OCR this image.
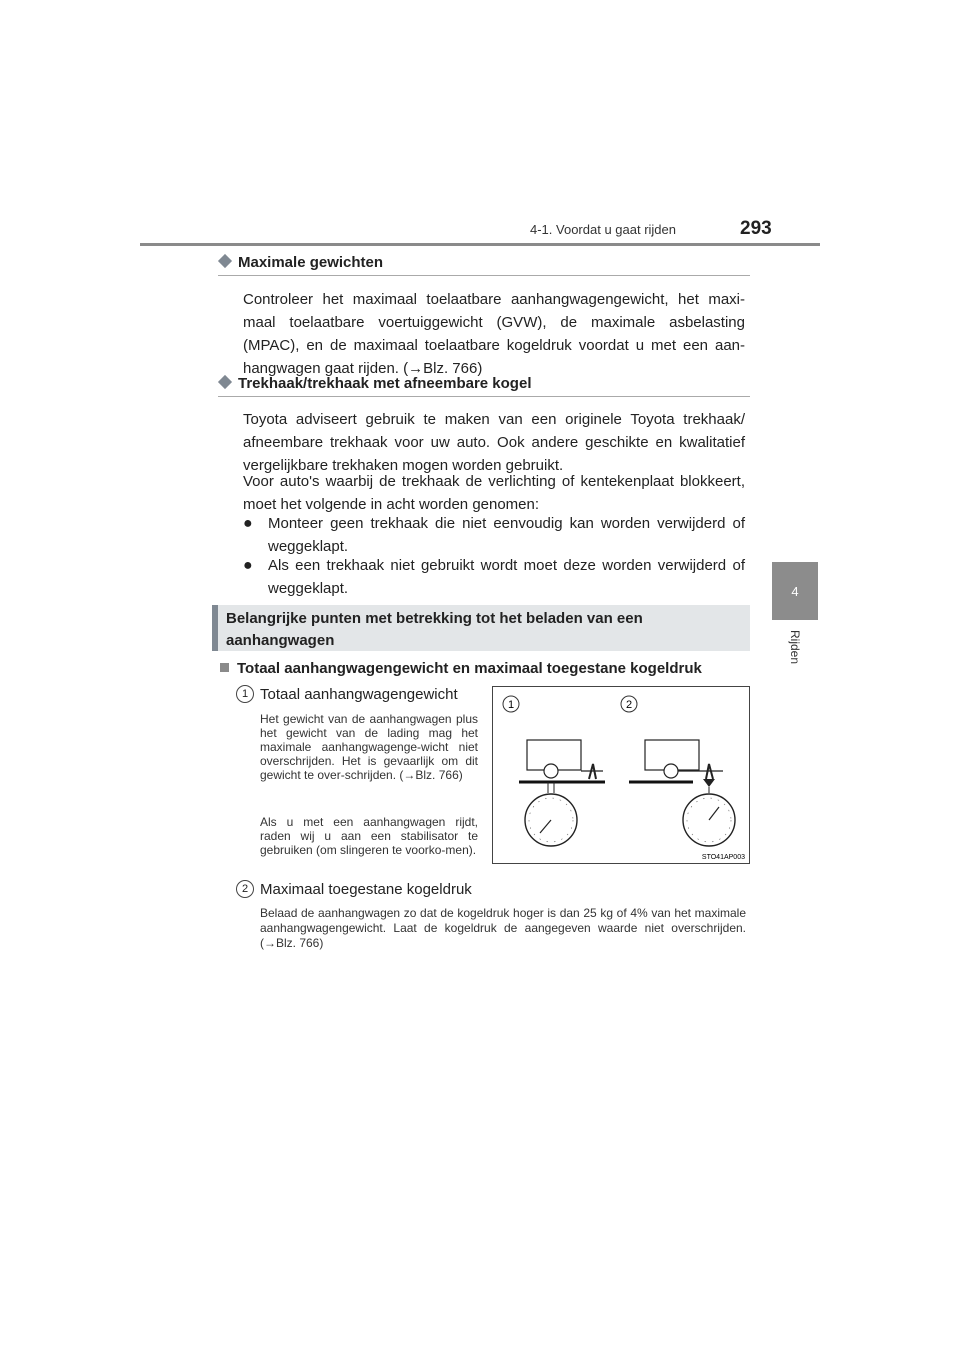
4-1. Voordat u gaat rijden	293
4
Rijden
Maximale gewichten
Controleer het maximaal toelaatbare aanhangwagengewicht, het maxi-maal toelaatbare voertuiggewicht (GVW), de maximale asbelasting (MPAC), en de maximaal toelaatbare kogeldruk voordat u met een aan-hangwagen gaat rijden. (→Blz. 766)
Trekhaak/trekhaak met afneembare kogel
Toyota adviseert gebruik te maken van een originele Toyota trekhaak/ afneembare trekhaak voor uw auto. Ook andere geschikte en kwalitatief vergelijkbare trekhaken mogen worden gebruikt.
Voor auto's waarbij de trekhaak de verlichting of kentekenplaat blokkeert, moet het volgende in acht worden genomen:
● Monteer geen trekhaak die niet eenvoudig kan worden verwijderd of weggeklapt.
● Als een trekhaak niet gebruikt wordt moet deze worden verwijderd of weggeklapt.
Belangrijke punten met betrekking tot het beladen van een aanhangwagen
Totaal aanhangwagengewicht en maximaal toegestane kogeldruk
1 Totaal aanhangwagengewicht
Het gewicht van de aanhangwagen plus het gewicht van de lading mag het maximale aanhangwagenge-wicht niet overschrijden. Het is gevaarlijk om dit gewicht te over-schrijden. (→Blz. 766)
Als u met een aanhangwagen rijdt, raden wij u aan een stabilisator te gebruiken (om slingeren te voorko-men).
2 Maximaal toegestane kogeldruk
Belaad de aanhangwagen zo dat de kogeldruk hoger is dan 25 kg of 4% van het maximale aanhangwagengewicht. Laat de kogeldruk de aangegeven waarde niet overschrijden. (→Blz. 766)
1	2
STO41AP003
